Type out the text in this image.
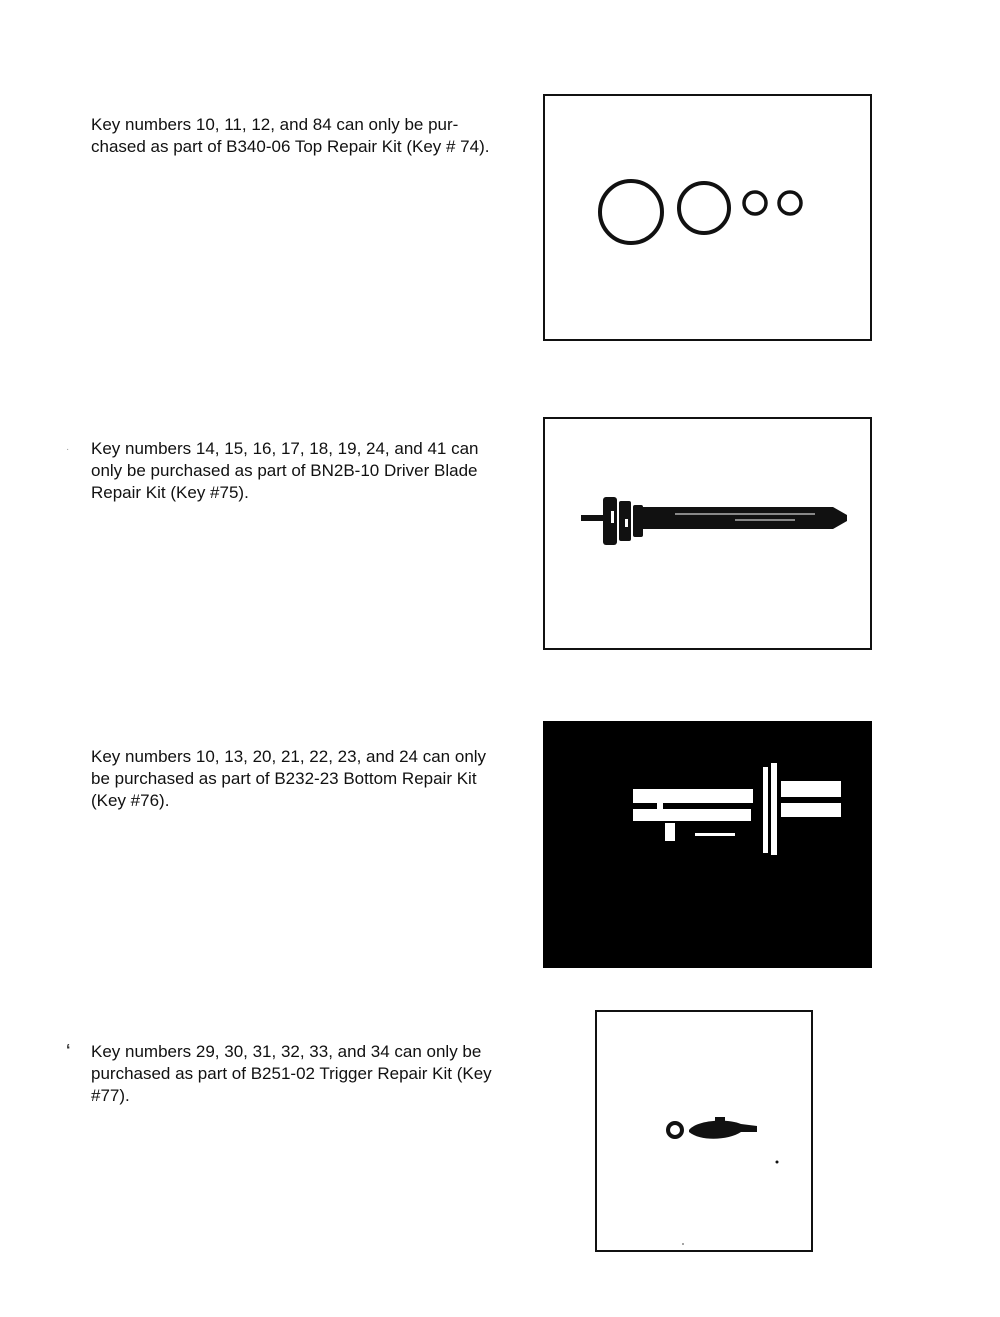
·
ʻ

Key numbers 10, 11, 12, and 84 can only be pur-
chased as part of B340-06 Top Repair Kit (Key # 74).

Key numbers 14, 15, 16, 17, 18, 19, 24, and 41 can
only be purchased as part of BN2B-10 Driver Blade
Repair Kit (Key #75).

Key numbers 10, 13, 20, 21, 22, 23, and 24 can only
be purchased as part of B232-23 Bottom Repair Kit
(Key #76).

Key numbers 29, 30, 31, 32, 33, and 34 can only be
purchased as part of B251-02 Trigger Repair Kit (Key
#77).
